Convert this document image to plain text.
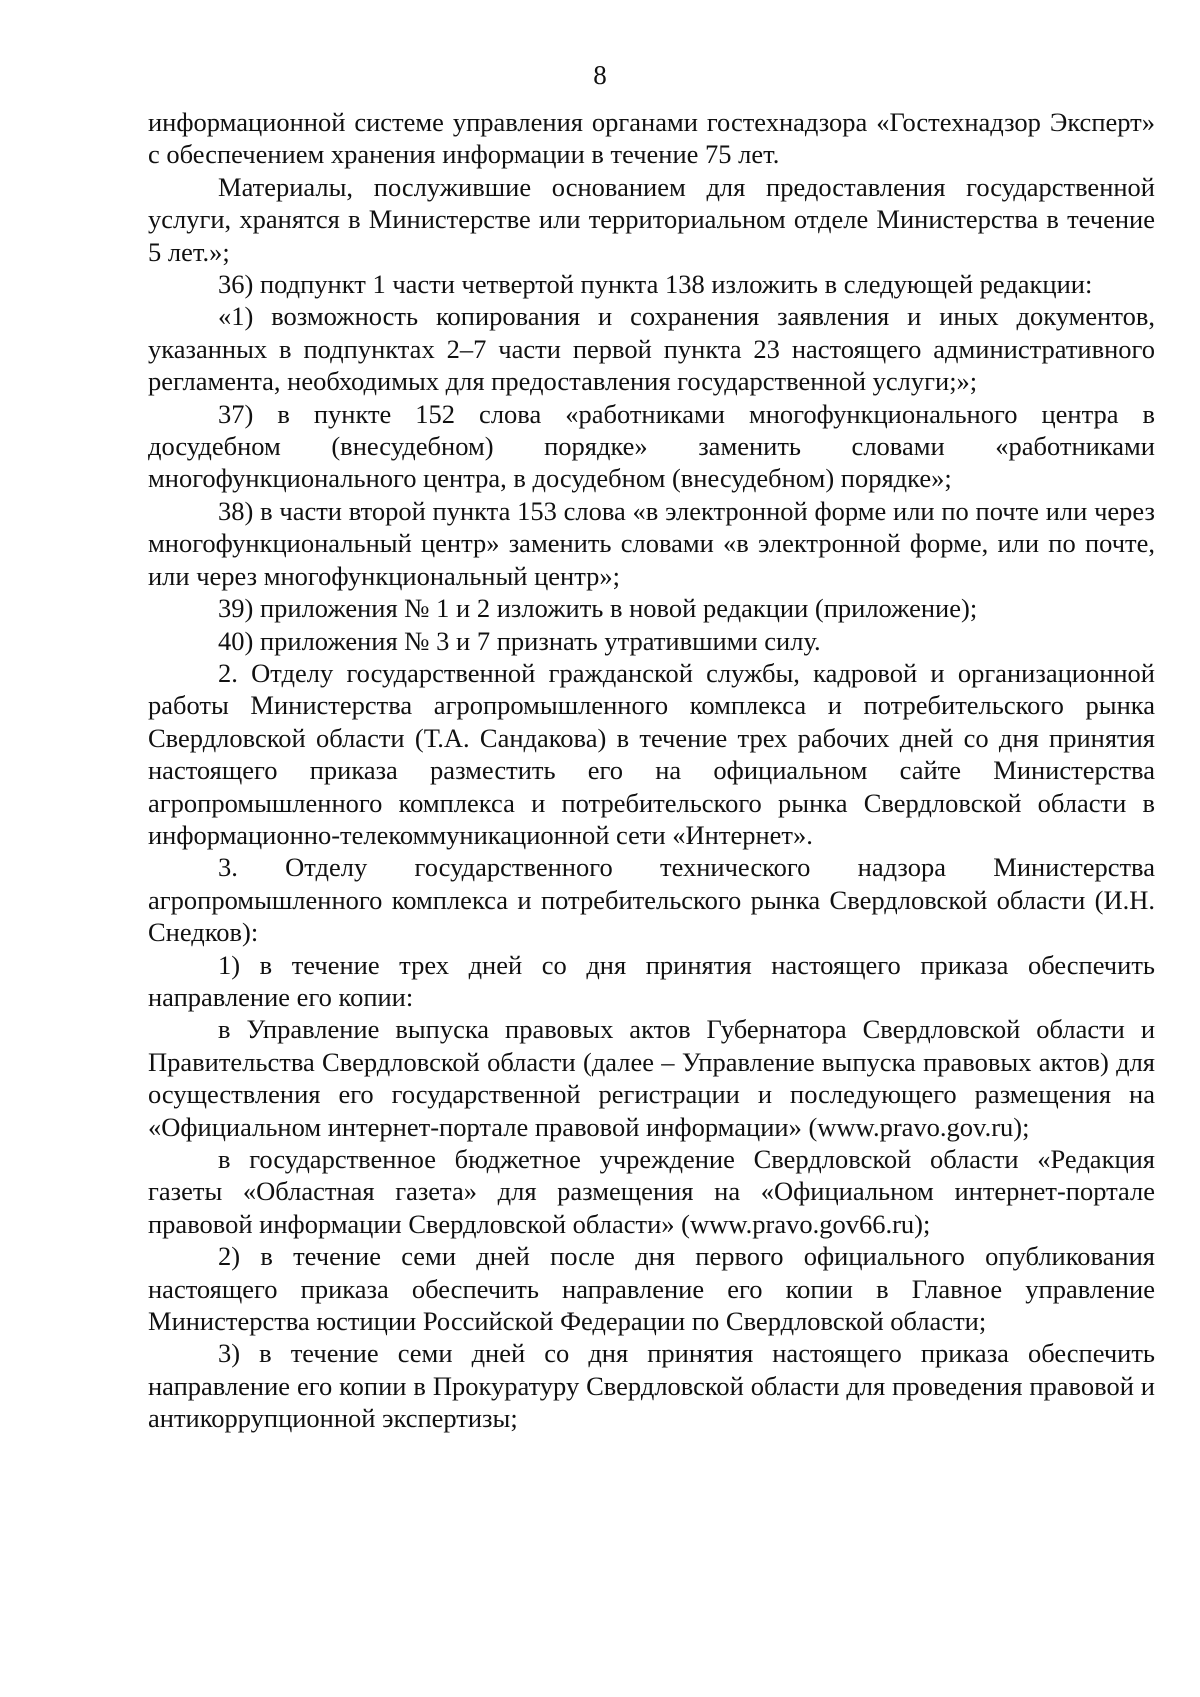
8

информационной системе управления органами гостехнадзора «Гостехнадзор Эксперт» с обеспечением хранения информации в течение 75 лет.

Материалы, послужившие основанием для предоставления государственной услуги, хранятся в Министерстве или территориальном отделе Министерства в течение 5 лет.»;

36) подпункт 1 части четвертой пункта 138 изложить в следующей редакции:

«1) возможность копирования и сохранения заявления и иных документов, указанных в подпунктах 2–7 части первой пункта 23 настоящего административного регламента, необходимых для предоставления государственной услуги;»;

37) в пункте 152 слова «работниками многофункционального центра в досудебном (внесудебном) порядке» заменить словами «работниками многофункционального центра, в досудебном (внесудебном) порядке»;

38) в части второй пункта 153 слова «в электронной форме или по почте или через многофункциональный центр» заменить словами «в электронной форме, или по почте, или через многофункциональный центр»;

39) приложения № 1 и 2 изложить в новой редакции (приложение);

40) приложения № 3 и 7 признать утратившими силу.

2. Отделу государственной гражданской службы, кадровой и организационной работы Министерства агропромышленного комплекса и потребительского рынка Свердловской области (Т.А. Сандакова) в течение трех рабочих дней со дня принятия настоящего приказа разместить его на официальном сайте Министерства агропромышленного комплекса и потребительского рынка Свердловской области в информационно-телекоммуникационной сети «Интернет».

3. Отделу государственного технического надзора Министерства агропромышленного комплекса и потребительского рынка Свердловской области (И.Н. Снедков):

1) в течение трех дней со дня принятия настоящего приказа обеспечить направление его копии:

в Управление выпуска правовых актов Губернатора Свердловской области и Правительства Свердловской области (далее – Управление выпуска правовых актов) для осуществления его государственной регистрации и последующего размещения на «Официальном интернет-портале правовой информации» (www.pravo.gov.ru);

в государственное бюджетное учреждение Свердловской области «Редакция газеты «Областная газета» для размещения на «Официальном интернет-портале правовой информации Свердловской области» (www.pravo.gov66.ru);

2) в течение семи дней после дня первого официального опубликования настоящего приказа обеспечить направление его копии в Главное управление Министерства юстиции Российской Федерации по Свердловской области;

3) в течение семи дней со дня принятия настоящего приказа обеспечить направление его копии в Прокуратуру Свердловской области для проведения правовой и антикоррупционной экспертизы;
